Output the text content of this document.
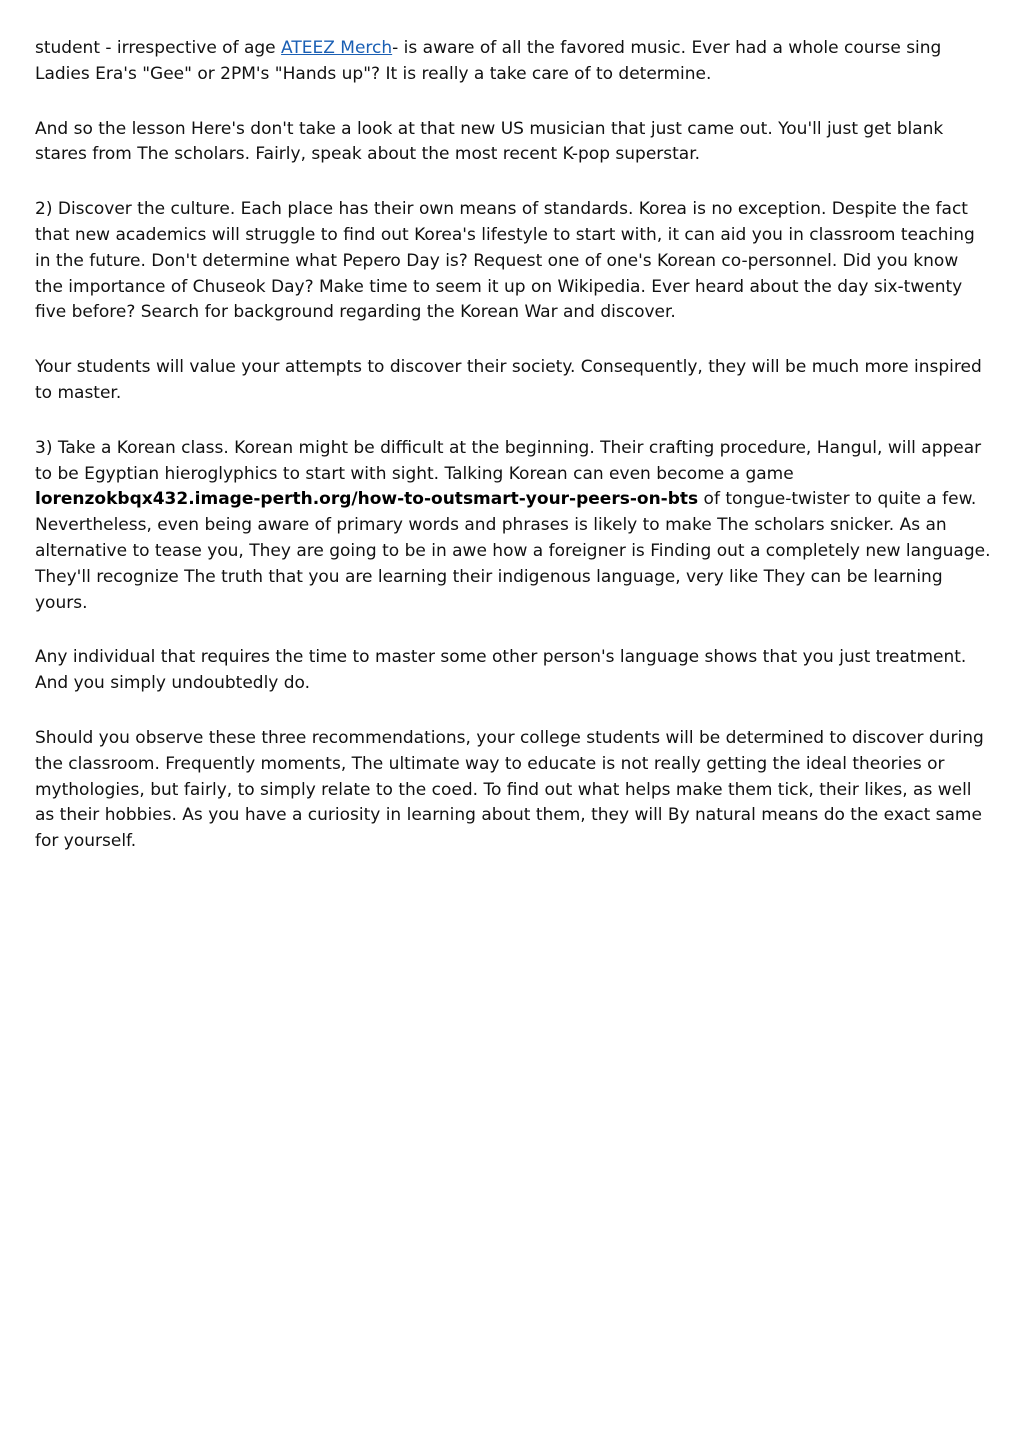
student - irrespective of age ATEEZ Merch- is aware of all the favored music. Ever had a whole course sing Ladies Era's "Gee" or 2PM's "Hands up"? It is really a take care of to determine.

And so the lesson Here's don't take a look at that new US musician that just came out. You'll just get blank stares from The scholars. Fairly, speak about the most recent K-pop superstar.

2) Discover the culture. Each place has their own means of standards. Korea is no exception. Despite the fact that new academics will struggle to find out Korea's lifestyle to start with, it can aid you in classroom teaching in the future. Don't determine what Pepero Day is? Request one of one's Korean co-personnel. Did you know the importance of Chuseok Day? Make time to seem it up on Wikipedia. Ever heard about the day six-twenty five before? Search for background regarding the Korean War and discover.

Your students will value your attempts to discover their society. Consequently, they will be much more inspired to master.

3) Take a Korean class. Korean might be difficult at the beginning. Their crafting procedure, Hangul, will appear to be Egyptian hieroglyphics to start with sight. Talking Korean can even become a game lorenzokbqx432.image-perth.org/how-to-outsmart-your-peers-on-bts of tongue-twister to quite a few. Nevertheless, even being aware of primary words and phrases is likely to make The scholars snicker. As an alternative to tease you, They are going to be in awe how a foreigner is Finding out a completely new language. They'll recognize The truth that you are learning their indigenous language, very like They can be learning yours.

Any individual that requires the time to master some other person's language shows that you just treatment. And you simply undoubtedly do.

Should you observe these three recommendations, your college students will be determined to discover during the classroom. Frequently moments, The ultimate way to educate is not really getting the ideal theories or mythologies, but fairly, to simply relate to the coed. To find out what helps make them tick, their likes, as well as their hobbies. As you have a curiosity in learning about them, they will By natural means do the exact same for yourself.
